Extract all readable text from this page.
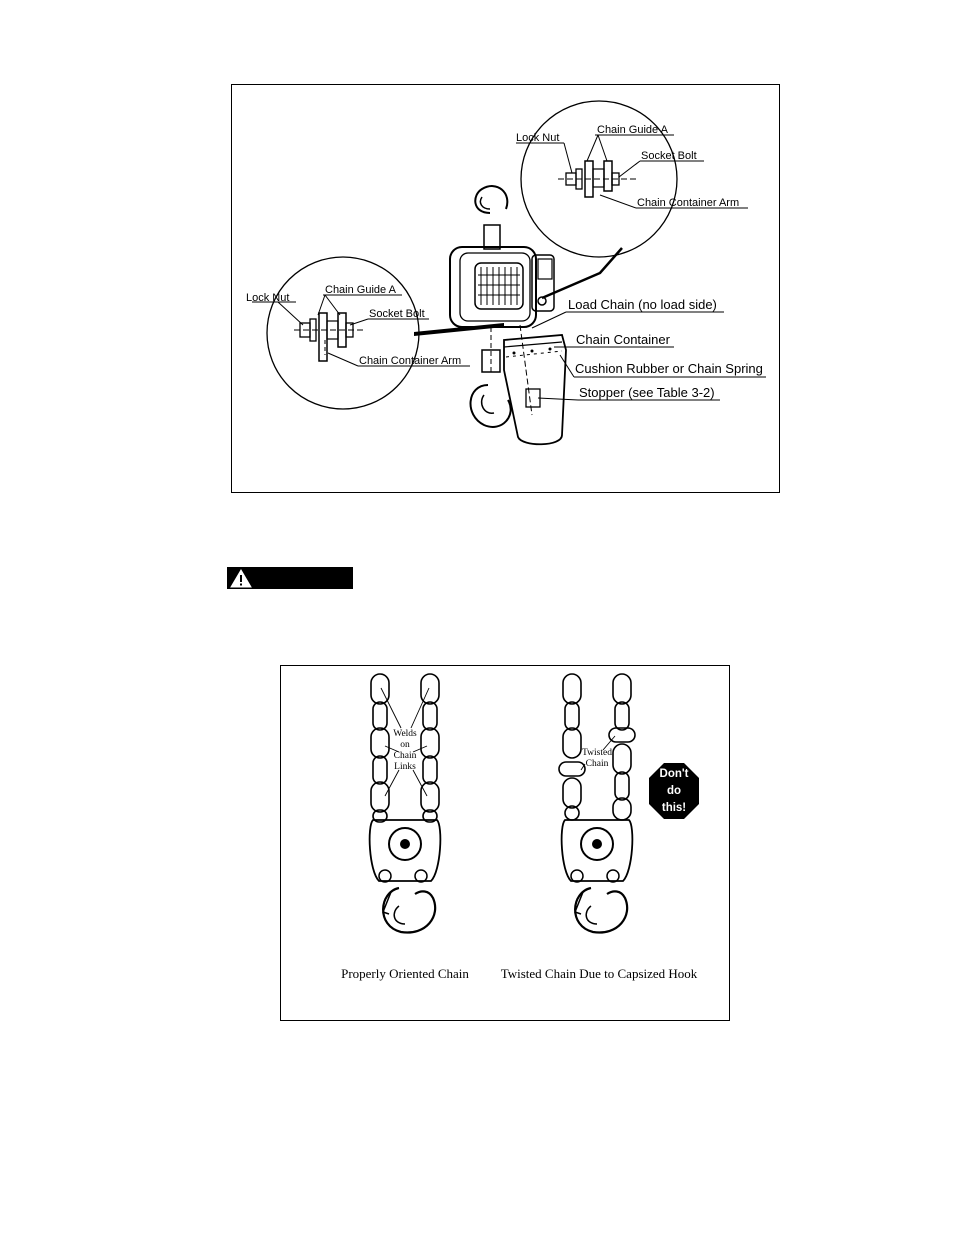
Lock Nut
Chain Guide A
Socket Bolt
Chain Container Arm
Lock Nut
Chain Guide A
Socket Bolt
Chain Container Arm
Load Chain (no load side)
Chain Container
Cushion Rubber or Chain Spring
Stopper (see Table 3-2)
Welds
on
Chain
Links
Properly Oriented Chain
Twisted
Chain
Twisted Chain Due to Capsized Hook
Don't
do
this!
